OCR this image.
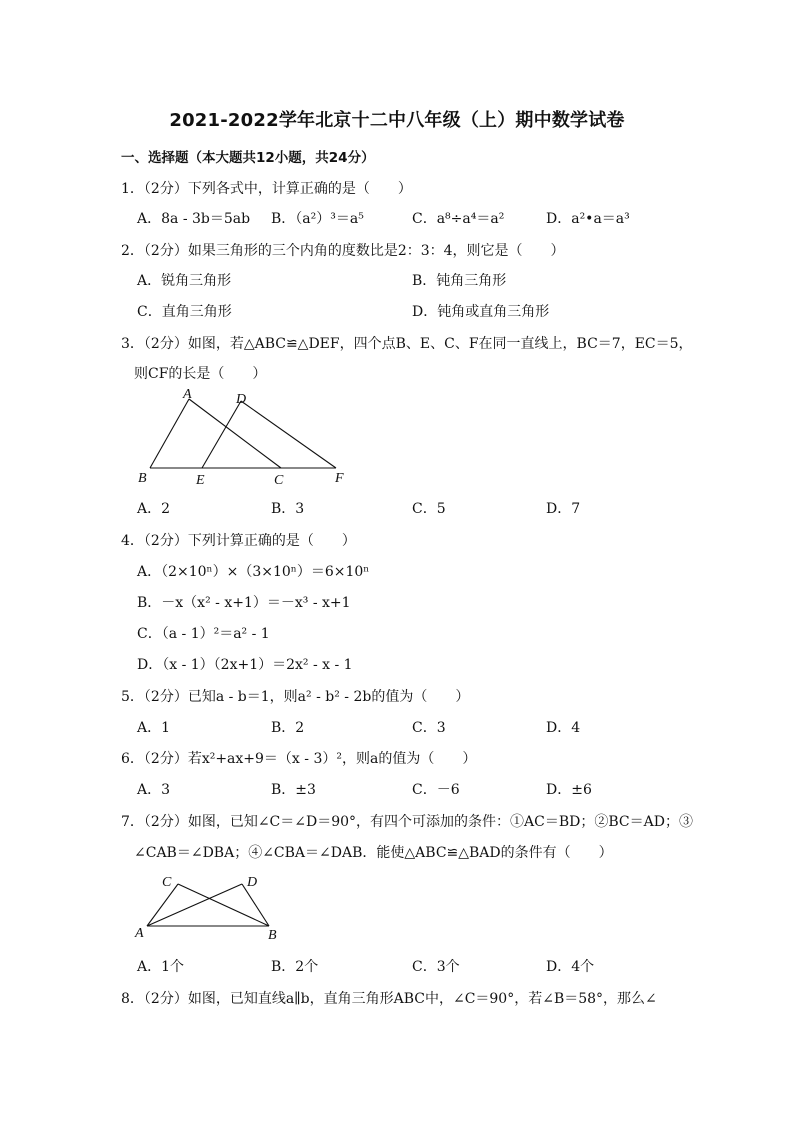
2021-2022学年北京十二中八年级（上）期中数学试卷
一、选择题（本大题共12小题，共24分）
1．（2分）下列各式中，计算正确的是（　　）
A．8a - 3b＝5ab B．（a²）³＝a⁵	C．a⁸÷a⁴＝a²	D．a²•a＝a³
2．（2分）如果三角形的三个内角的度数比是2：3：4，则它是（　　）
A．锐角三角形	B．钝角三角形
C．直角三角形	D．钝角或直角三角形
3．（2分）如图，若△ABC≌△DEF，四个点B、E、C、F在同一直线上，BC＝7，EC＝5，
则CF的长是（　　）
A	D
B	E	C	F
A．2	B．3	C．5	D．7
4．（2分）下列计算正确的是（　　）
A．（2×10ⁿ）×（3×10ⁿ）＝6×10ⁿ
B．－x（x² - x+1）＝－x³ - x+1
C．（a - 1）²＝a² - 1
D．（x - 1）（2x+1）＝2x² - x - 1
5．（2分）已知a - b＝1，则a² - b² - 2b的值为（　　）
A．1	B．2	C．3	D．4
6．（2分）若x²+ax+9＝（x - 3）²，则a的值为（　　）
A．3	B．±3	C．－6	D．±6
7．（2分）如图，已知∠C＝∠D＝90°，有四个可添加的条件：①AC＝BD；②BC＝AD；③
∠CAB＝∠DBA；④∠CBA＝∠DAB．能使△ABC≌△BAD的条件有（　　）
C	D
A	B
A．1个	B．2个	C．3个	D．4个
8．（2分）如图，已知直线a∥b，直角三角形ABC中，∠C＝90°，若∠B＝58°，那么∠
